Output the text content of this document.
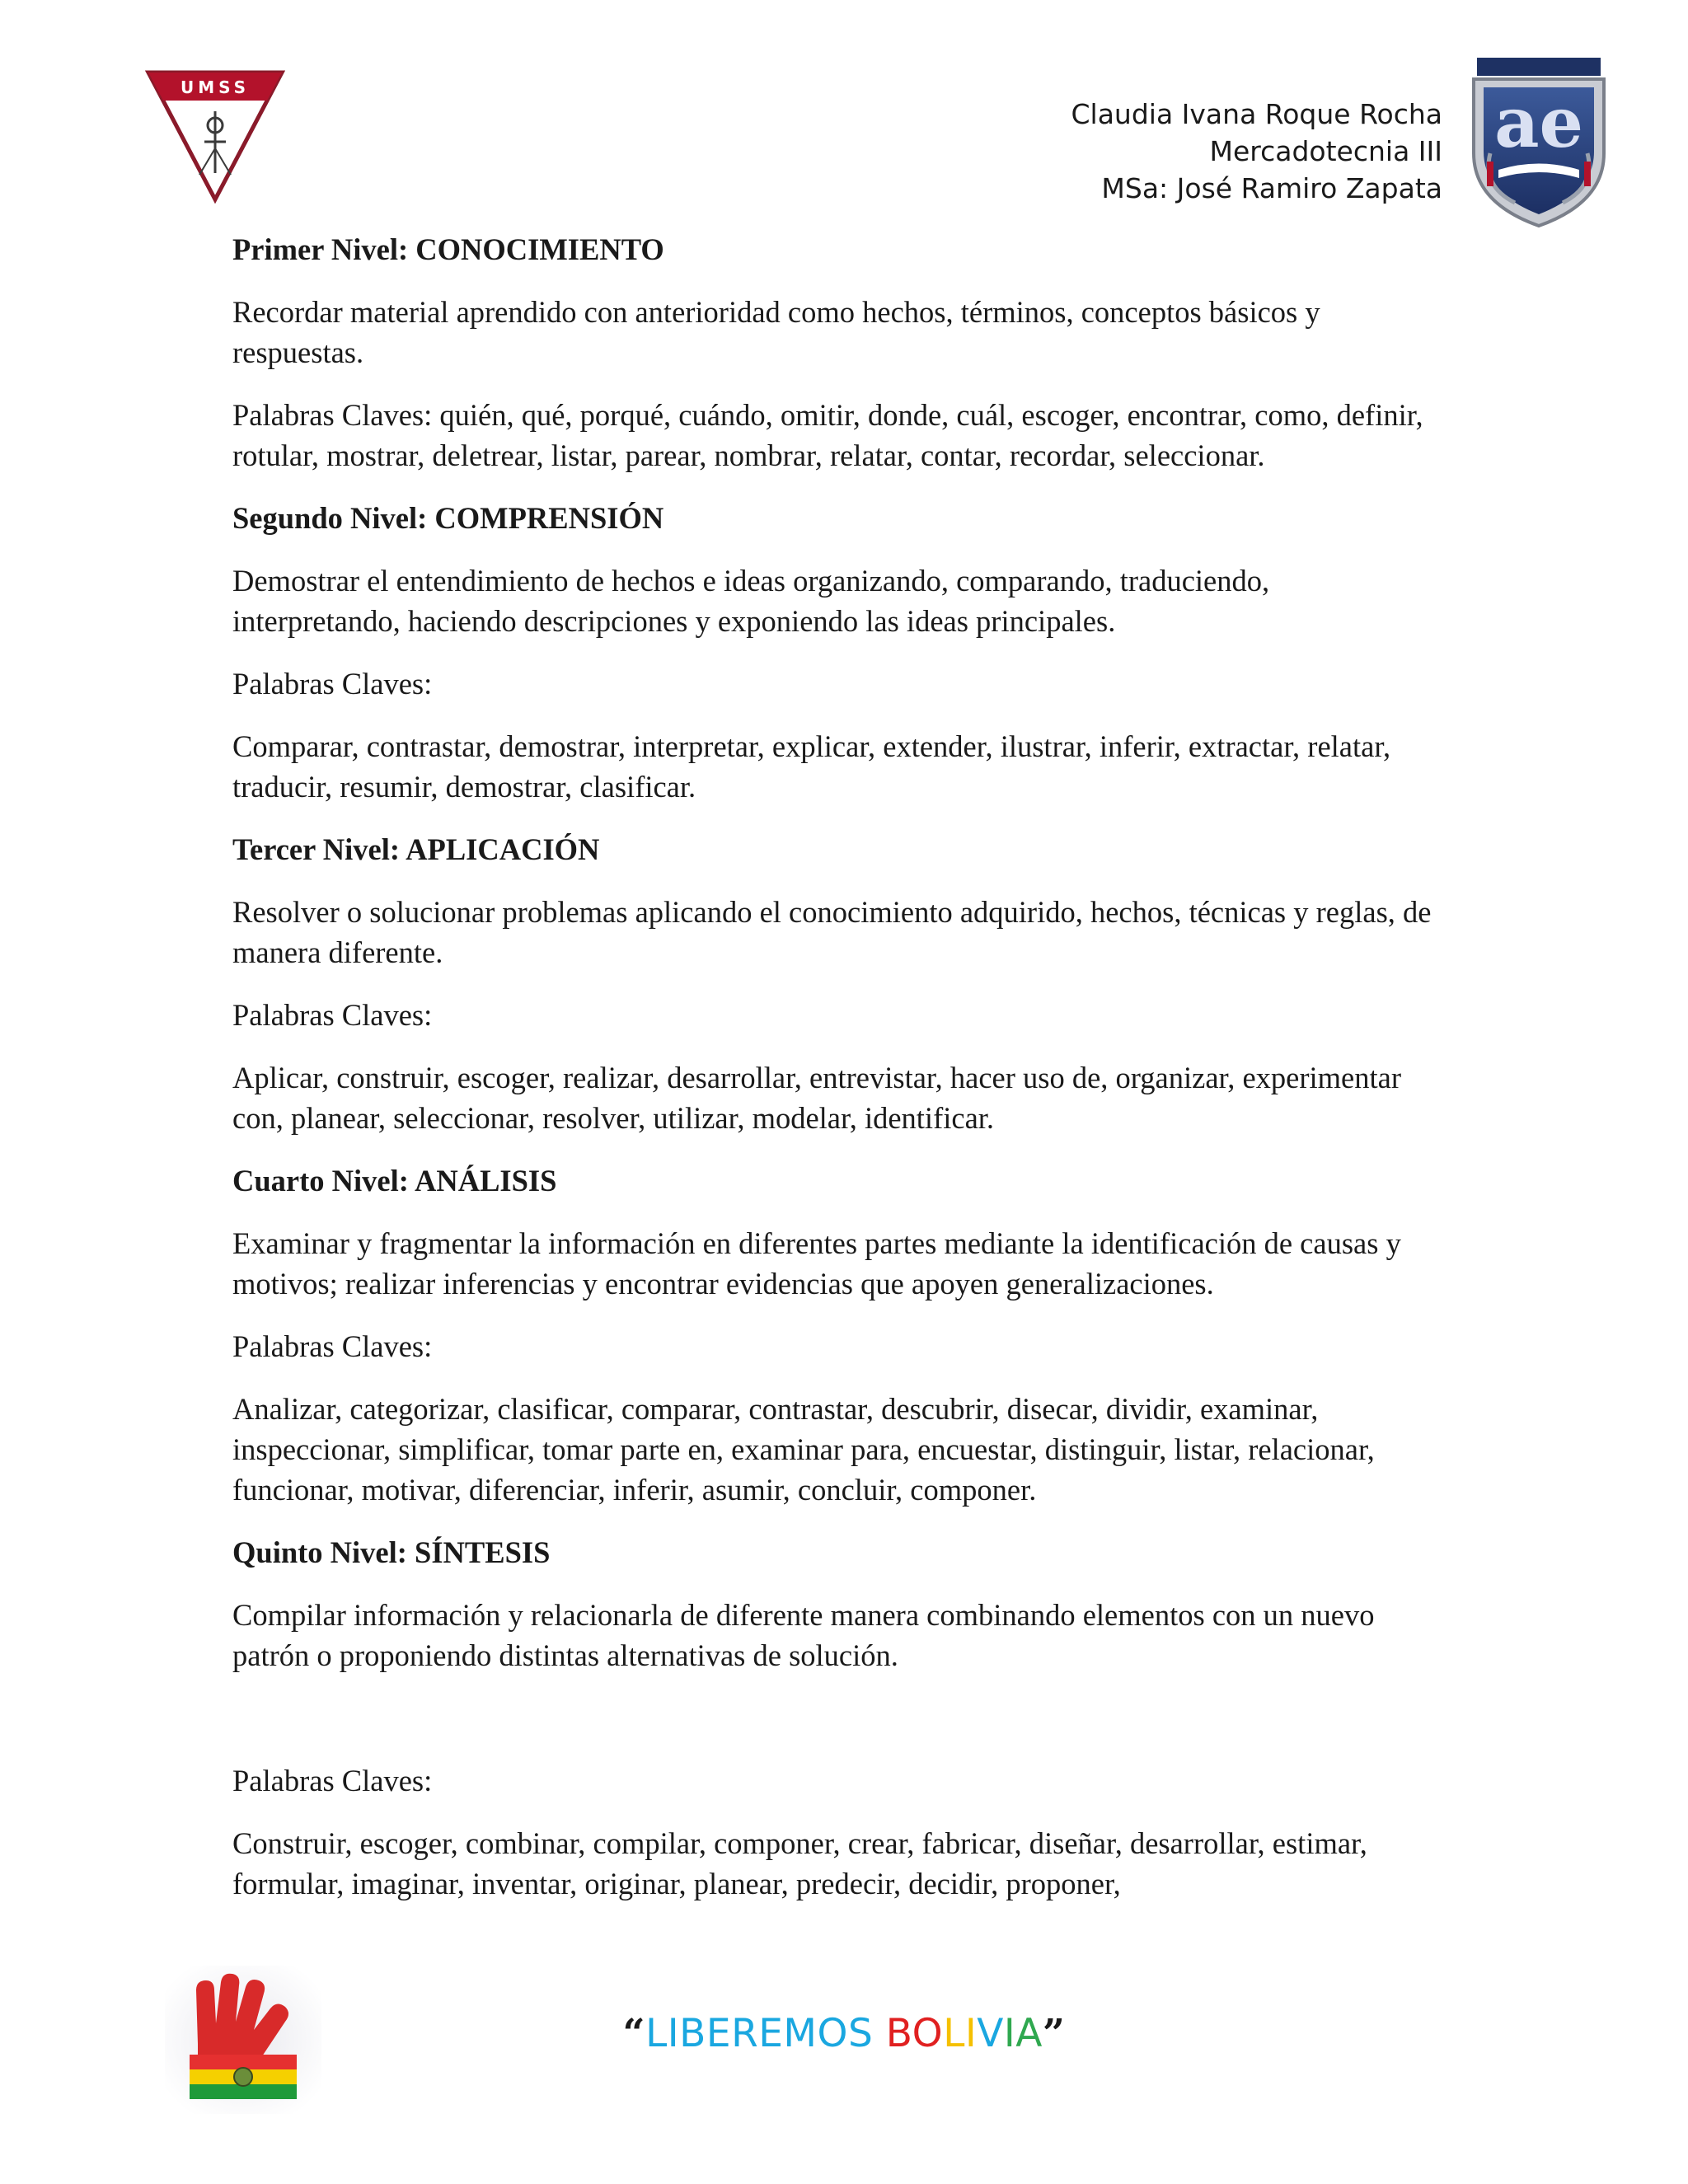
UMSS
Claudia Ivana Roque Rocha
Mercadotecnia III
MSa: José Ramiro Zapata
ae
Primer Nivel: CONOCIMIENTO

Recordar material aprendido con anterioridad como hechos, términos, conceptos básicos y respuestas.

Palabras Claves: quién, qué, porqué, cuándo, omitir, donde, cuál, escoger, encontrar, como, definir, rotular, mostrar, deletrear, listar, parear, nombrar, relatar, contar, recordar, seleccionar.

Segundo Nivel: COMPRENSIÓN

Demostrar el entendimiento de hechos e ideas organizando, comparando, traduciendo, interpretando, haciendo descripciones y exponiendo las ideas principales.

Palabras Claves:

Comparar, contrastar, demostrar, interpretar, explicar, extender, ilustrar, inferir, extractar, relatar, traducir, resumir, demostrar, clasificar.

Tercer Nivel: APLICACIÓN

Resolver o solucionar problemas aplicando el conocimiento adquirido, hechos, técnicas y reglas, de manera diferente.

Palabras Claves:

Aplicar, construir, escoger, realizar, desarrollar, entrevistar, hacer uso de, organizar, experimentar con, planear, seleccionar, resolver, utilizar, modelar, identificar.

Cuarto Nivel: ANÁLISIS

Examinar y fragmentar la información en diferentes partes mediante la identificación de causas y motivos; realizar inferencias y encontrar evidencias que apoyen generalizaciones.

Palabras Claves:

Analizar, categorizar, clasificar, comparar, contrastar, descubrir, disecar, dividir, examinar, inspeccionar, simplificar, tomar parte en, examinar para, encuestar, distinguir, listar, relacionar, funcionar, motivar, diferenciar, inferir, asumir, concluir, componer.

Quinto Nivel: SÍNTESIS

Compilar información y relacionarla de diferente manera combinando elementos con un nuevo patrón o proponiendo distintas alternativas de solución.

Palabras Claves:

Construir, escoger, combinar, compilar, componer, crear, fabricar, diseñar, desarrollar, estimar, formular, imaginar, inventar, originar, planear, predecir, decidir, proponer,

“LIBEREMOS BOLIVIA”
